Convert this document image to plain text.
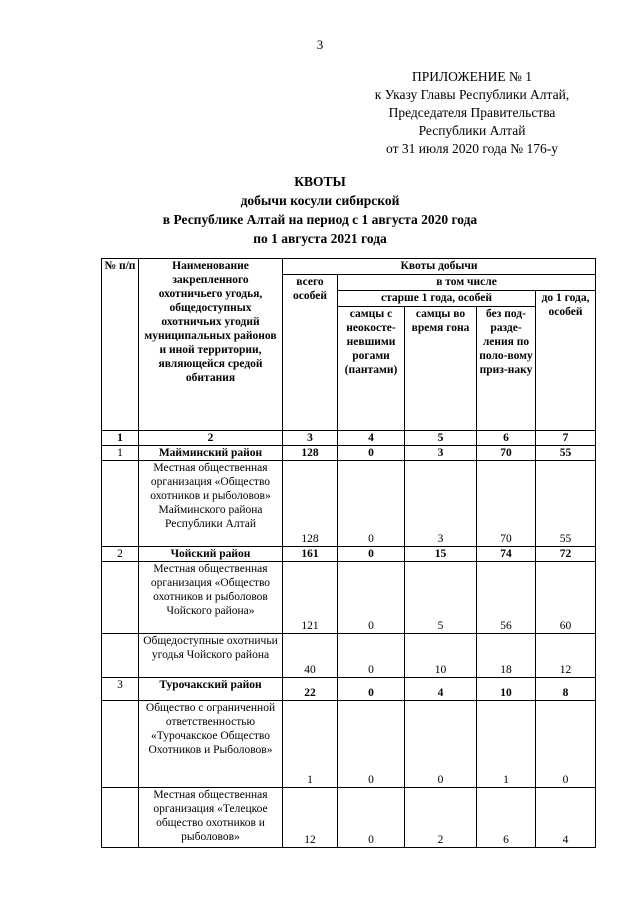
3
ПРИЛОЖЕНИЕ № 1
к Указу Главы Республики Алтай,
Председателя Правительства
Республики Алтай
от 31 июля 2020 года № 176-у
КВОТЫ
добычи косули сибирской
в Республике Алтай на период с 1 августа 2020 года
по 1 августа 2021 года
№ п/п	Наименование закрепленного охотничьего угодья, общедоступных охотничьих угодий муниципальных районов и иной территории, являющейся средой обитания	Квоты добычи				
		всего особей	в том числе			
			старше 1 года, особей			до 1 года, особей
			самцы с неокосте-невшими рогами (пантами)	самцы во время гона	без под-разде-ления по поло-вому приз-наку	
1	2	3	4	5	6	7
1	Майминский район	128	0	3	70	55
	Местная общественная организация «Общество охотников и рыболовов» Майминского района Республики Алтай	128	0	3	70	55
2	Чойский район	161	0	15	74	72
	Местная общественная организация «Общество охотников и рыболовов Чойского района»	121	0	5	56	60
	Общедоступные охотничьи угодья Чойского района	40	0	10	18	12
3	Турочакский район	22	0	4	10	8
	Общество с ограниченной ответственностью «Турочакское Общество Охотников и Рыболовов»	1	0	0	1	0
	Местная общественная организация «Телецкое общество охотников и рыболовов»	12	0	2	6	4
